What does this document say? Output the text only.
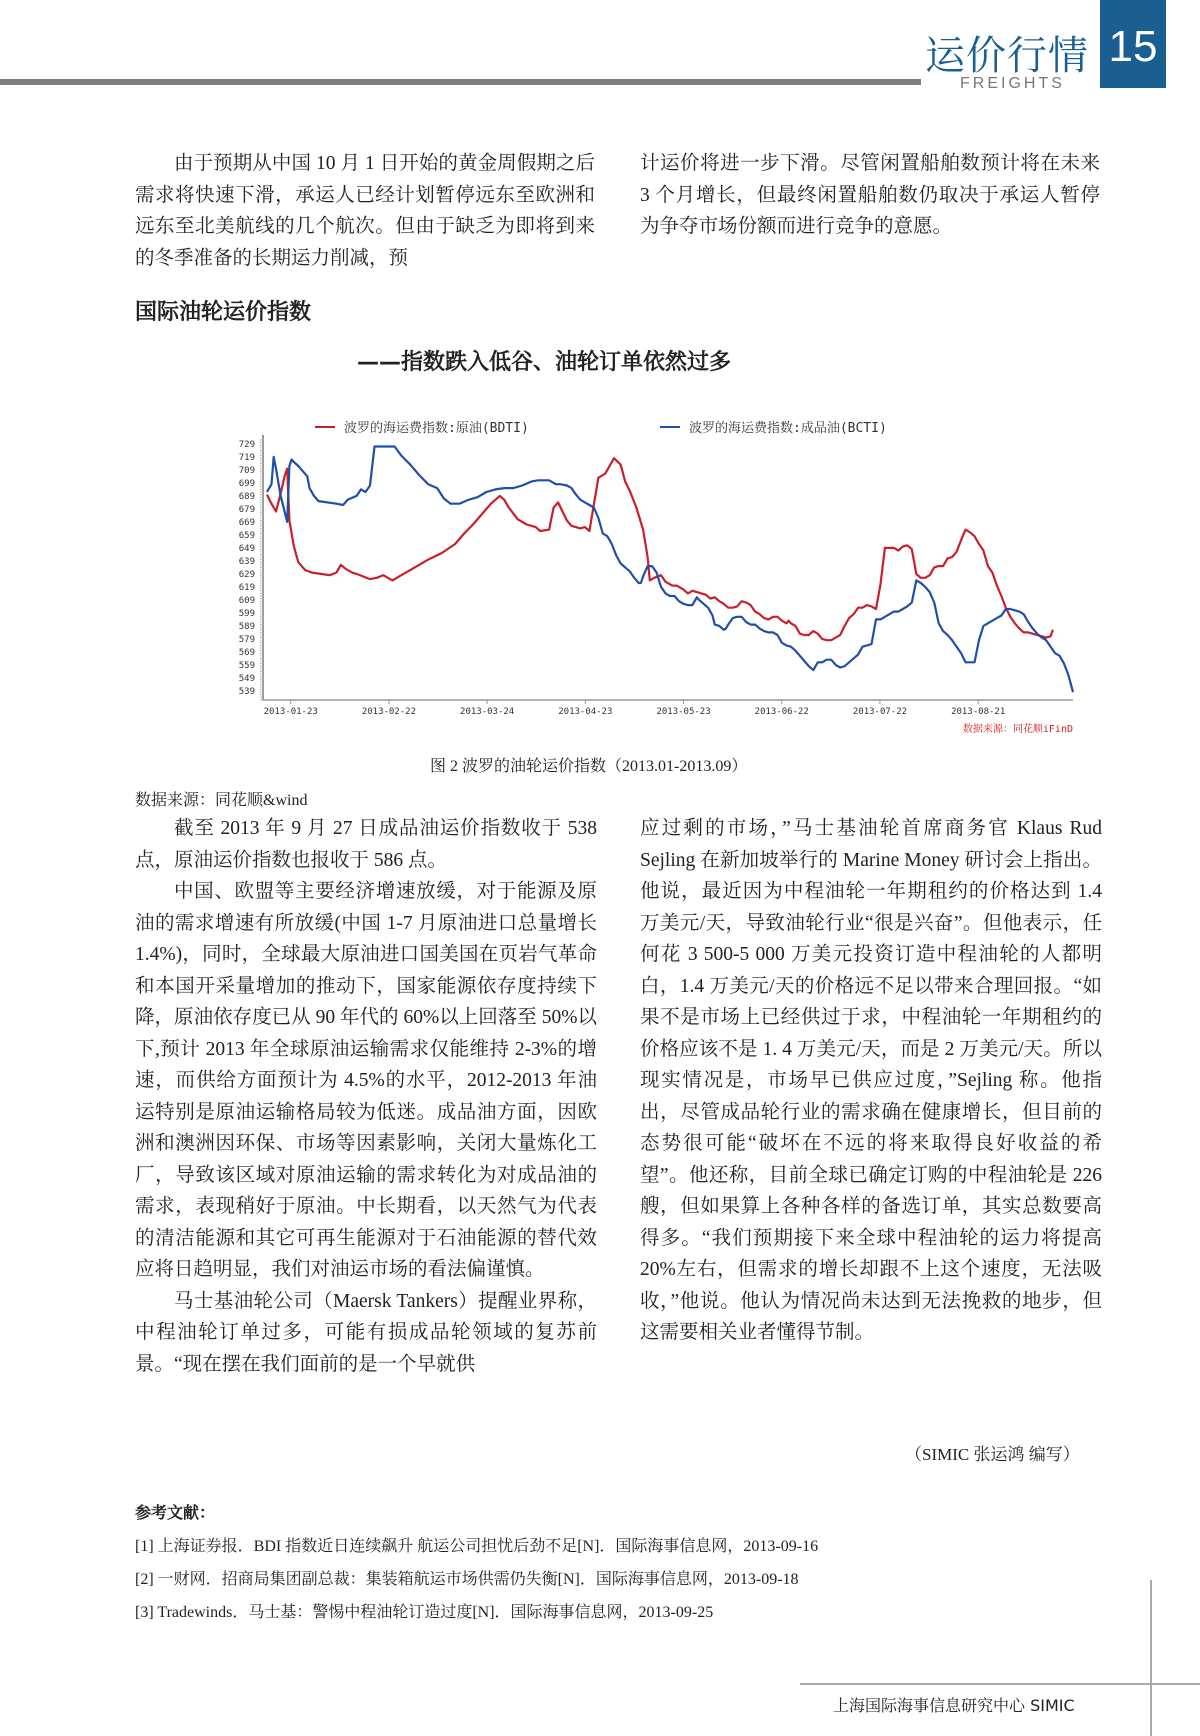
运价行情
FREIGHTS
15

由于预期从中国 10 月 1 日开始的黄金周假期之后需求将快速下滑，承运人已经计划暂停远东至欧洲和远东至北美航线的几个航次。但由于缺乏为即将到来的冬季准备的长期运力削减，预

计运价将进一步下滑。尽管闲置船舶数预计将在未来 3 个月增长，但最终闲置船舶数仍取决于承运人暂停为争夺市场份额而进行竞争的意愿。

国际油轮运价指数
——指数跌入低谷、油轮订单依然过多
波罗的海运费指数:原油(BDTI)	波罗的海运费指数:成品油(BCTI)
729
719
709
699
689
679
669
659
649
639
629
619
609
599
589
579
569
559
549
539
2013-01-23	2013-02-22	2013-03-24	2013-04-23	2013-05-23	2013-06-22	2013-07-22	2013-08-21
数据来源：同花顺iFinD
图 2 波罗的油轮运价指数（2013.01-2013.09）
数据来源：同花顺&wind

截至 2013 年 9 月 27 日成品油运价指数收于 538 点，原油运价指数也报收于 586 点。

中国、欧盟等主要经济增速放缓，对于能源及原油的需求增速有所放缓(中国 1-7 月原油进口总量增长 1.4%)，同时，全球最大原油进口国美国在页岩气革命和本国开采量增加的推动下，国家能源依存度持续下降，原油依存度已从 90 年代的 60%以上回落至 50%以下,预计 2013 年全球原油运输需求仅能维持 2-3%的增速，而供给方面预计为 4.5%的水平，2012-2013 年油运特别是原油运输格局较为低迷。成品油方面，因欧洲和澳洲因环保、市场等因素影响，关闭大量炼化工厂，导致该区域对原油运输的需求转化为对成品油的需求，表现稍好于原油。中长期看，以天然气为代表的清洁能源和其它可再生能源对于石油能源的替代效应将日趋明显，我们对油运市场的看法偏谨慎。

马士基油轮公司（Maersk Tankers）提醒业界称，中程油轮订单过多，可能有损成品轮领域的复苏前景。“现在摆在我们面前的是一个早就供

应过剩的市场，”马士基油轮首席商务官 Klaus Rud Sejling 在新加坡举行的 Marine Money 研讨会上指出。他说，最近因为中程油轮一年期租约的价格达到 1.4 万美元/天，导致油轮行业“很是兴奋”。但他表示，任何花 3 500-5 000 万美元投资订造中程油轮的人都明白，1.4 万美元/天的价格远不足以带来合理回报。“如果不是市场上已经供过于求，中程油轮一年期租约的价格应该不是 1. 4 万美元/天，而是 2 万美元/天。所以现实情况是，市场早已供应过度，”Sejling 称。他指出，尽管成品轮行业的需求确在健康增长，但目前的态势很可能“破坏在不远的将来取得良好收益的希望”。他还称，目前全球已确定订购的中程油轮是 226 艘，但如果算上各种各样的备选订单，其实总数要高得多。“我们预期接下来全球中程油轮的运力将提高 20%左右，但需求的增长却跟不上这个速度，无法吸收，”他说。他认为情况尚未达到无法挽救的地步，但这需要相关业者懂得节制。

（SIMIC 张运鸿 编写）
参考文献：
[1] 上海证券报．BDI 指数近日连续飙升 航运公司担忧后劲不足[N]．国际海事信息网，2013-09-16
[2] 一财网．招商局集团副总裁：集装箱航运市场供需仍失衡[N]．国际海事信息网，2013-09-18
[3] Tradewinds．马士基：警惕中程油轮订造过度[N]．国际海事信息网，2013-09-25
上海国际海事信息研究中心 SIMIC
